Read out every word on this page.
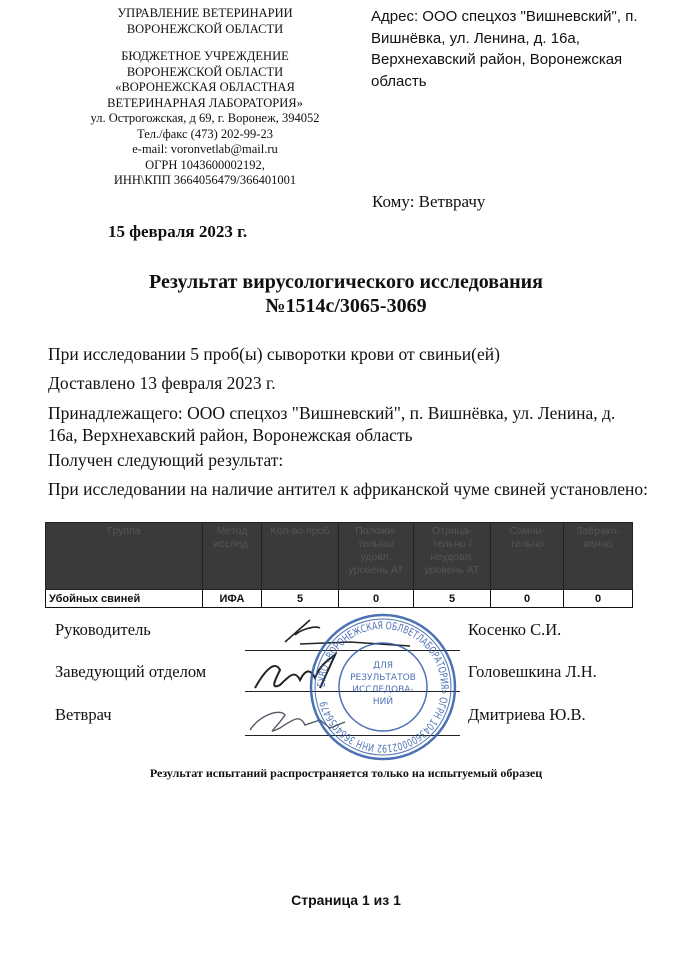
УПРАВЛЕНИЕ ВЕТЕРИНАРИИ
ВОРОНЕЖСКОЙ ОБЛАСТИ
БЮДЖЕТНОЕ УЧРЕЖДЕНИЕ
ВОРОНЕЖСКОЙ ОБЛАСТИ
«ВОРОНЕЖСКАЯ ОБЛАСТНАЯ
ВЕТЕРИНАРНАЯ ЛАБОРАТОРИЯ»
ул. Острогожская, д 69, г. Воронеж, 394052
Тел./факс (473) 202-99-23
e-mail: voronvetlab@mail.ru
ОГРН 1043600002192,
ИНН\КПП 3664056479/366401001
Адрес: ООО спецхоз "Вишневский", п. Вишнёвка, ул. Ленина, д. 16а, Верхнехавский район, Воронежская область
Кому: Ветврачу
15 февраля 2023 г.
Результат вирусологического исследования
№1514с/3065-3069
При исследовании 5 проб(ы) сыворотки крови от свиньи(ей)
Доставлено 13 февраля 2023 г.
Принадлежащего: ООО спецхоз "Вишневский", п. Вишнёвка, ул. Ленина, д. 16а, Верхнехавский район, Воронежская область
Получен следующий результат:
При исследовании на наличие антител к африканской чуме свиней установлено:
Группа	Метод исслед.	Кол-во проб	Положи-тельно/ удовл. уровень АТ	Отрица-тельно / неудовл. уровень АТ	Сомни-тельно	Забрако-ванно
Убойных свиней	ИФА	5	0	5	0	0
Руководитель
Заведующий отделом
Ветврач
БУВО «ВОРОНЕЖСКАЯ ОБЛВЕТЛАБОРАТОРИЯ» ОГРН 1043600002192 ИНН 3664056479
ДЛЯ РЕЗУЛЬТАТОВ ИССЛЕДОВА-НИЙ
Косенко С.И.
Головешкина Л.Н.
Дмитриева Ю.В.
Результат испытаний распространяется только на испытуемый образец
Страница 1 из 1
